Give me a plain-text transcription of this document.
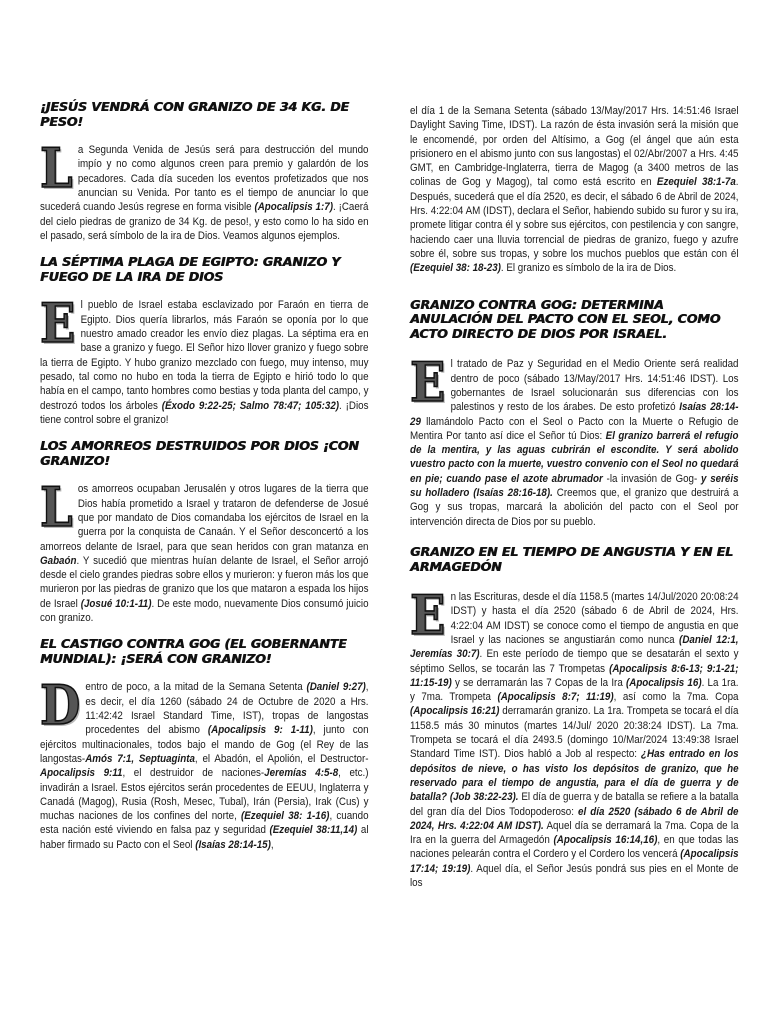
¡JESÚS VENDRÁ CON GRANIZO DE 34 KG. DE PESO!

La Segunda Venida de Jesús será para destrucción del mundo impío y no como algunos creen para premio y galardón de los pecadores. Cada día suceden los eventos profetizados que nos anuncian su Venida. Por tanto es el tiempo de anunciar lo que sucederá cuando Jesús regrese en forma visible (Apocalipsis 1:7). ¡Caerá del cielo piedras de granizo de 34 Kg. de peso!, y esto como lo ha sido en el pasado, será símbolo de la ira de Dios. Veamos algunos ejemplos.

LA SÉPTIMA PLAGA DE EGIPTO: GRANIZO Y FUEGO DE LA IRA DE DIOS

El pueblo de Israel estaba esclavizado por Faraón en tierra de Egipto. Dios quería librarlos, más Faraón se oponía por lo que nuestro amado creador les envío diez plagas. La séptima era en base a granizo y fuego. El Señor hizo llover granizo y fuego sobre la tierra de Egipto. Y hubo granizo mezclado con fuego, muy intenso, muy pesado, tal como no hubo en toda la tierra de Egipto e hirió todo lo que había en el campo, tanto hombres como bestias y toda planta del campo, y destrozó todos los árboles (Éxodo 9:22-25; Salmo 78:47; 105:32). ¡Dios tiene control sobre el granizo!

LOS AMORREOS DESTRUIDOS POR DIOS ¡CON GRANIZO!

Los amorreos ocupaban Jerusalén y otros lugares de la tierra que Dios había prometido a Israel y trataron de defenderse de Josué que por mandato de Dios comandaba los ejércitos de Israel en la guerra por la conquista de Canaán. Y el Señor desconcertó a los amorreos delante de Israel, para que sean heridos con gran matanza en Gabaón. Y sucedió que mientras huían delante de Israel, el Señor arrojó desde el cielo grandes piedras sobre ellos y murieron: y fueron más los que murieron por las piedras de granizo que los que mataron a espada los hijos de Israel (Josué 10:1-11). De este modo, nuevamente Dios consumó juicio con granizo.

EL CASTIGO CONTRA GOG (EL GOBERNANTE MUNDIAL): ¡SERÁ CON GRANIZO!

Dentro de poco, a la mitad de la Semana Setenta (Daniel 9:27), es decir, el día 1260 (sábado 24 de Octubre de 2020 a Hrs. 11:42:42 Israel Standard Time, IST), tropas de langostas procedentes del abismo (Apocalipsis 9: 1-11), junto con ejércitos multinacionales, todos bajo el mando de Gog (el Rey de las langostas-Amós 7:1, Septuaginta, el Abadón, el Apolión, el Destructor-Apocalipsis 9:11, el destruidor de naciones-Jeremías 4:5-8, etc.) invadirán a Israel. Estos ejércitos serán procedentes de EEUU, Inglaterra y Canadá (Magog), Rusia (Rosh, Mesec, Tubal), Irán (Persia), Irak (Cus) y muchas naciones de los confines del norte, (Ezequiel 38: 1-16), cuando esta nación esté viviendo en falsa paz y seguridad (Ezequiel 38:11,14) al haber firmado su Pacto con el Seol (Isaías 28:14-15),

el día 1 de la Semana Setenta (sábado 13/May/2017 Hrs. 14:51:46 Israel Daylight Saving Time, IDST). La razón de ésta invasión será la misión que le encomendé, por orden del Altísimo, a Gog (el ángel que aún esta prisionero en el abismo junto con sus langostas) el 02/Abr/2007 a Hrs. 4:45 GMT, en Cambridge-Inglaterra, tierra de Magog (a 3400 metros de las colinas de Gog y Magog), tal como está escrito en Ezequiel 38:1-7a. Después, sucederá que el día 2520, es decir, el sábado 6 de Abril de 2024, Hrs. 4:22:04 AM (IDST), declara el Señor, habiendo subido su furor y su ira, promete litigar contra él y sobre sus ejércitos, con pestilencia y con sangre, haciendo caer una lluvia torrencial de piedras de granizo, fuego y azufre sobre él, sobre sus tropas, y sobre los muchos pueblos que están con él (Ezequiel 38: 18-23). El granizo es símbolo de la ira de Dios.

GRANIZO CONTRA GOG: DETERMINA ANULACIÓN DEL PACTO CON EL SEOL, COMO ACTO DIRECTO DE DIOS POR ISRAEL.

El tratado de Paz y Seguridad en el Medio Oriente será realidad dentro de poco (sábado 13/May/2017 Hrs. 14:51:46 IDST). Los gobernantes de Israel solucionarán sus diferencias con los palestinos y resto de los árabes. De esto profetizó Isaías 28:14-29 llamándolo Pacto con el Seol o Pacto con la Muerte o Refugio de Mentira Por tanto así dice el Señor tú Dios: El granizo barrerá el refugio de la mentira, y las aguas cubrirán el escondite. Y será abolido vuestro pacto con la muerte, vuestro convenio con el Seol no quedará en pie; cuando pase el azote abrumador -la invasión de Gog- y seréis su holladero (Isaías 28:16-18). Creemos que, el granizo que destruirá a Gog y sus tropas, marcará la abolición del pacto con el Seol por intervención directa de Dios por su pueblo.

GRANIZO EN EL TIEMPO DE ANGUSTIA Y EN EL ARMAGEDÓN

En las Escrituras, desde el día 1158.5 (martes 14/Jul/2020 20:08:24 IDST) y hasta el día 2520 (sábado 6 de Abril de 2024, Hrs. 4:22:04 AM IDST) se conoce como el tiempo de angustia en que Israel y las naciones se angustiarán como nunca (Daniel 12:1, Jeremías 30:7). En este período de tiempo que se desatarán el sexto y séptimo Sellos, se tocarán las 7 Trompetas (Apocalipsis 8:6-13; 9:1-21; 11:15-19) y se derramarán las 7 Copas de la Ira (Apocalipsis 16). La 1ra. y 7ma. Trompeta (Apocalipsis 8:7; 11:19), así como la 7ma. Copa (Apocalipsis 16:21) derramarán granizo. La 1ra. Trompeta se tocará el día 1158.5 más 30 minutos (martes 14/Jul/ 2020 20:38:24 IDST). La 7ma. Trompeta se tocará el día 2493.5 (domingo 10/Mar/2024 13:49:38 Israel Standard Time IST). Dios habló a Job al respecto: ¿Has entrado en los depósitos de nieve, o has visto los depósitos de granizo, que he reservado para el tiempo de angustia, para el día de guerra y de batalla? (Job 38:22-23). El día de guerra y de batalla se refiere a la batalla del gran día del Dios Todopoderoso: el día 2520 (sábado 6 de Abril de 2024, Hrs. 4:22:04 AM IDST). Aquel día se derramará la 7ma. Copa de la Ira en la guerra del Armagedón (Apocalipsis 16:14,16), en que todas las naciones pelearán contra el Cordero y el Cordero los vencerá (Apocalipsis 17:14; 19:19). Aquel día, el Señor Jesús pondrá sus pies en el Monte de los
